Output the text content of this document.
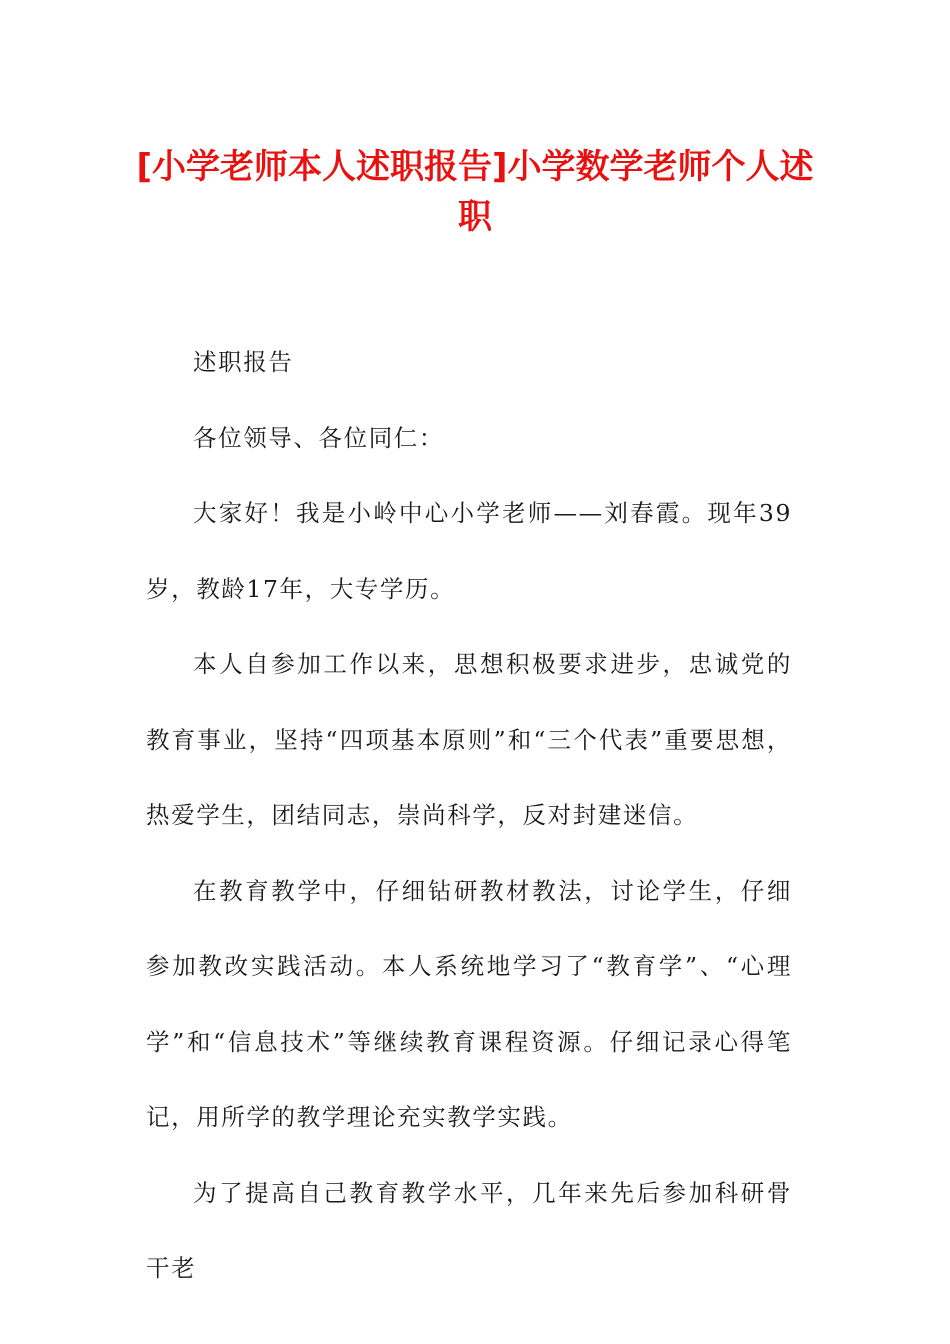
[小学老师本人述职报告]小学数学老师个人述职

述职报告

各位领导、各位同仁：

大家好！我是小岭中心小学老师——刘春霞。现年39岁，教龄17年，大专学历。

本人自参加工作以来，思想积极要求进步，忠诚党的教育事业，坚持“四项基本原则”和“三个代表”重要思想，热爱学生，团结同志，崇尚科学，反对封建迷信。

在教育教学中，仔细钻研教材教法，讨论学生，仔细参加教改实践活动。本人系统地学习了“教育学”、“心理学”和“信息技术”等继续教育课程资源。仔细记录心得笔记，用所学的教学理论充实教学实践。

为了提高自己教育教学水平，几年来先后参加科研骨干老
